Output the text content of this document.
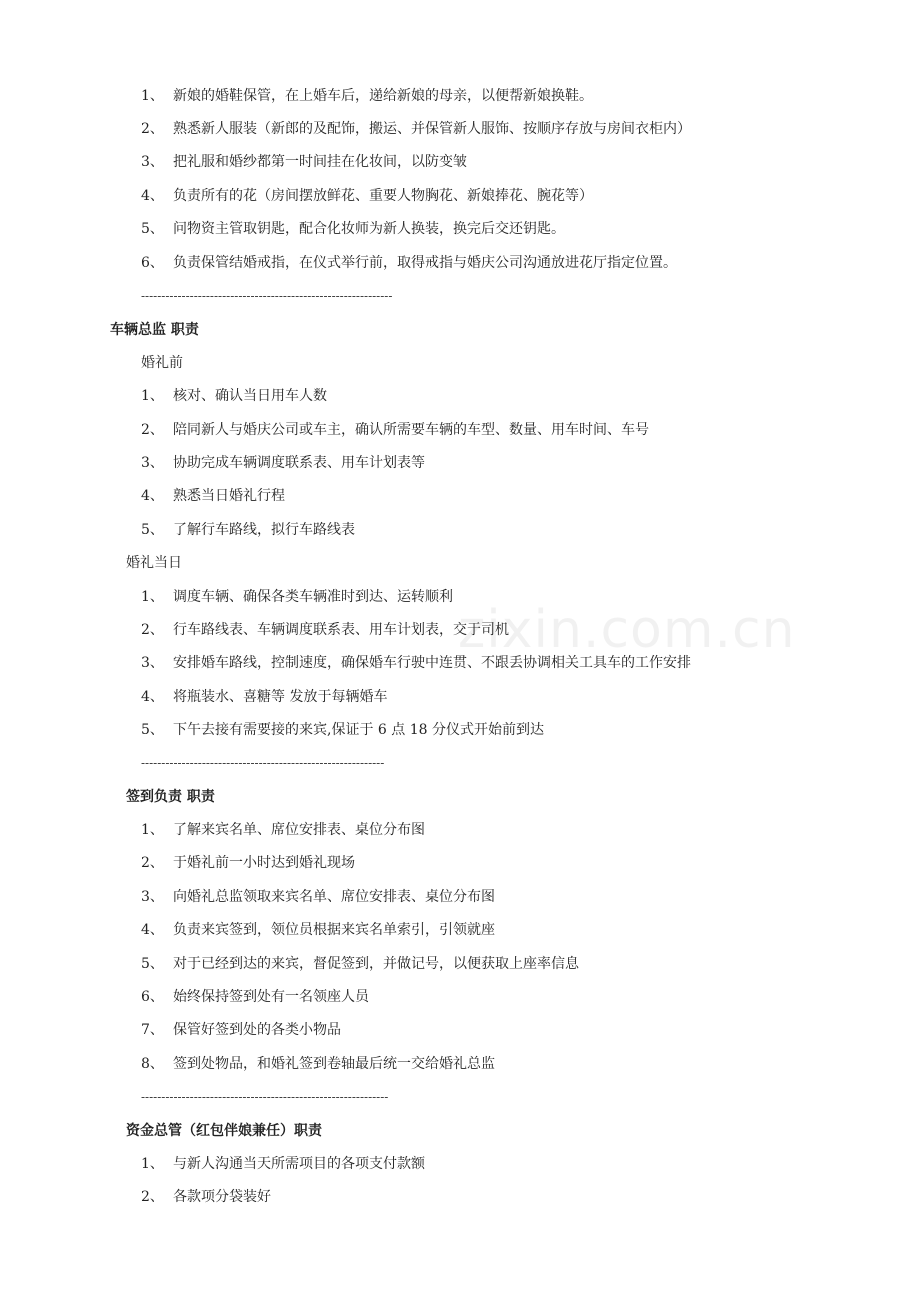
1、 新娘的婚鞋保管，在上婚车后，递给新娘的母亲，以便帮新娘换鞋。
2、 熟悉新人服装（新郎的及配饰，搬运、并保管新人服饰、按顺序存放与房间衣柜内）
3、 把礼服和婚纱都第一时间挂在化妆间，以防变皱
4、 负责所有的花（房间摆放鲜花、重要人物胸花、新娘捧花、腕花等）
5、 问物资主管取钥匙，配合化妆师为新人换装，换完后交还钥匙。
6、 负责保管结婚戒指，在仪式举行前，取得戒指与婚庆公司沟通放进花厅指定位置。
--------------------------------------------------------------
车辆总监 职责
婚礼前
1、 核对、确认当日用车人数
2、 陪同新人与婚庆公司或车主，确认所需要车辆的车型、数量、用车时间、车号
3、 协助完成车辆调度联系表、用车计划表等
4、 熟悉当日婚礼行程
5、 了解行车路线，拟行车路线表
婚礼当日
1、 调度车辆、确保各类车辆准时到达、运转顺利
2、 行车路线表、车辆调度联系表、用车计划表，交于司机
3、 安排婚车路线，控制速度，确保婚车行驶中连贯、不跟丢协调相关工具车的工作安排
4、 将瓶装水、喜糖等 发放于每辆婚车
5、 下午去接有需要接的来宾,保证于 6 点 18 分仪式开始前到达
------------------------------------------------------------
签到负责 职责
1、 了解来宾名单、席位安排表、桌位分布图
2、 于婚礼前一小时达到婚礼现场
3、 向婚礼总监领取来宾名单、席位安排表、桌位分布图
4、 负责来宾签到，领位员根据来宾名单索引，引领就座
5、 对于已经到达的来宾，督促签到，并做记号，以便获取上座率信息
6、 始终保持签到处有一名领座人员
7、 保管好签到处的各类小物品
8、 签到处物品，和婚礼签到卷轴最后统一交给婚礼总监
-------------------------------------------------------------
资金总管（红包伴娘兼任）职责
1、 与新人沟通当天所需项目的各项支付款额
2、 各款项分袋装好
zixin.com.cn
